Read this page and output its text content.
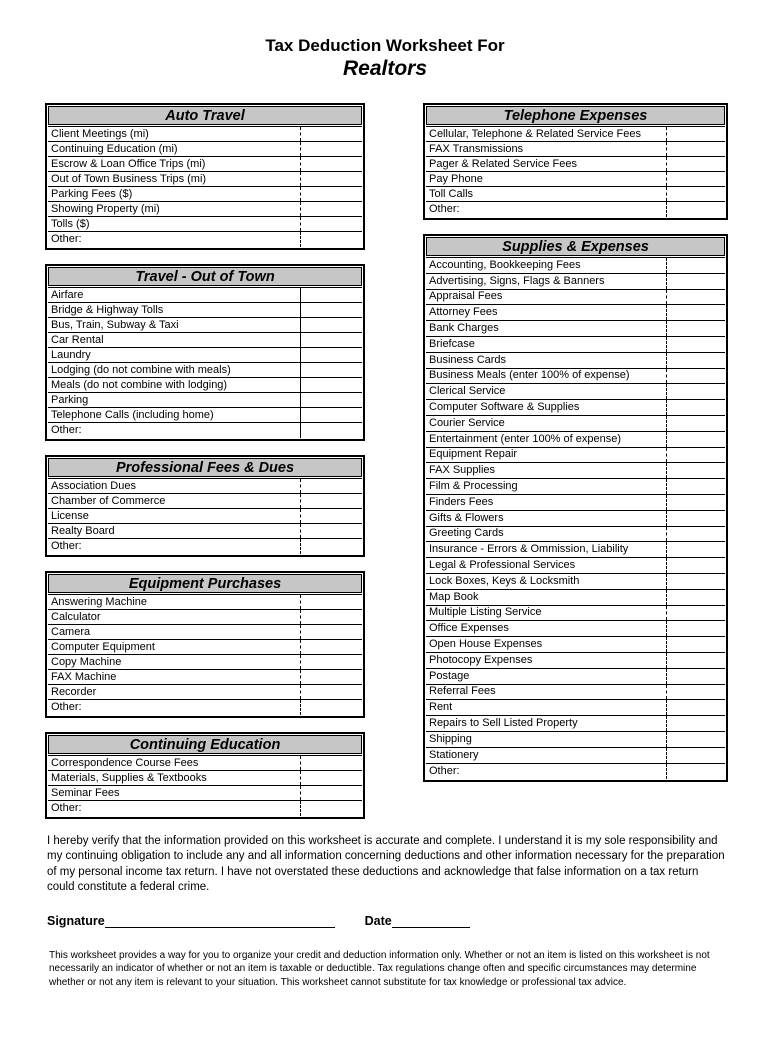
Tax Deduction Worksheet For
Realtors
Auto Travel
Client Meetings (mi)
Continuing Education (mi)
Escrow & Loan Office Trips (mi)
Out of Town Business Trips (mi)
Parking Fees ($)
Showing Property (mi)
Tolls ($)
Other:
Travel - Out of Town
Airfare
Bridge & Highway Tolls
Bus, Train, Subway & Taxi
Car Rental
Laundry
Lodging (do not combine with meals)
Meals (do not combine with lodging)
Parking
Telephone Calls (including home)
Other:
Professional Fees & Dues
Association Dues
Chamber of Commerce
License
Realty Board
Other:
Equipment Purchases
Answering Machine
Calculator
Camera
Computer Equipment
Copy Machine
FAX Machine
Recorder
Other:
Continuing Education
Correspondence Course Fees
Materials, Supplies & Textbooks
Seminar Fees
Other:
Telephone Expenses
Cellular, Telephone & Related Service Fees
FAX Transmissions
Pager & Related Service Fees
Pay Phone
Toll Calls
Other:
Supplies & Expenses
Accounting, Bookkeeping Fees
Advertising, Signs, Flags & Banners
Appraisal Fees
Attorney Fees
Bank Charges
Briefcase
Business Cards
Business Meals (enter 100% of expense)
Clerical Service
Computer Software & Supplies
Courier Service
Entertainment (enter 100% of expense)
Equipment Repair
FAX Supplies
Film & Processing
Finders Fees
Gifts & Flowers
Greeting Cards
Insurance - Errors & Ommission, Liability
Legal & Professional Services
Lock Boxes, Keys & Locksmith
Map Book
Multiple Listing Service
Office Expenses
Open House Expenses
Photocopy Expenses
Postage
Referral Fees
Rent
Repairs to Sell Listed Property
Shipping
Stationery
Other:

I hereby verify that the information provided on this worksheet is accurate and complete. I understand it is my sole responsibility and my continuing obligation to include any and all information concerning deductions and other information necessary for the preparation of my personal income tax return. I have not overstated these deductions and acknowledge that false information on a tax return could constitute a federal crime.

Signature	Date

This worksheet provides a way for you to organize your credit and deduction information only. Whether or not an item is listed on this worksheet is not necessarily an indicator of whether or not an item is taxable or deductible. Tax regulations change often and specific circumstances may determine whether or not any item is relevant to your situation. This worksheet cannot substitute for tax knowledge or professional tax advice.
